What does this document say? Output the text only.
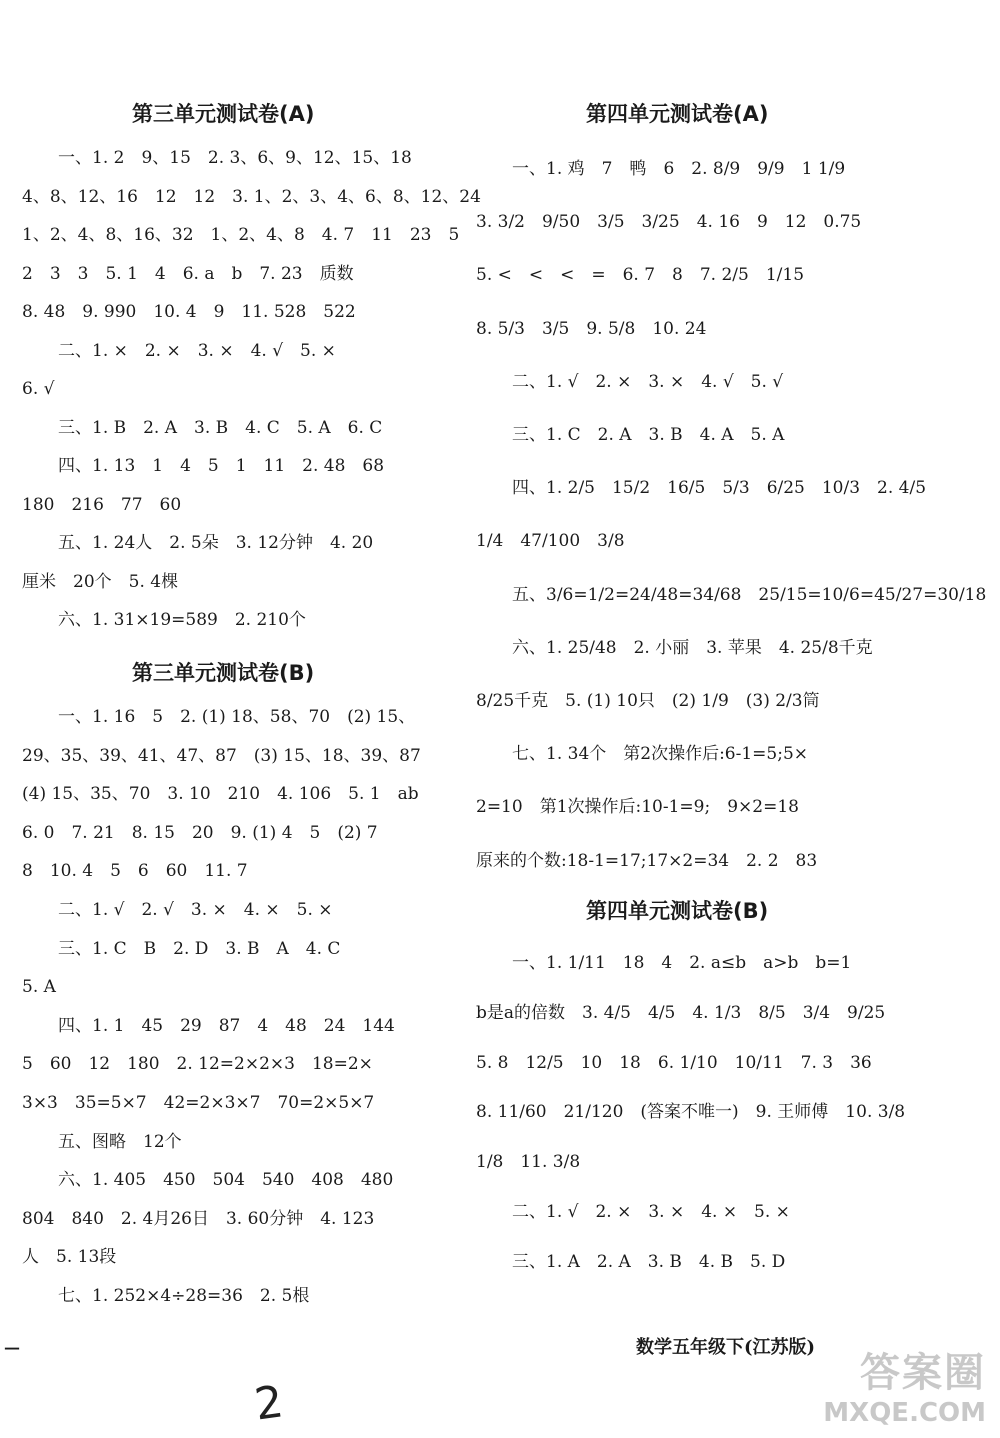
第三单元测试卷(A)
一、1. 2　9、15　2. 3、6、9、12、15、18
4、8、12、16　12　12　3. 1、2、3、4、6、8、12、24
1、2、4、8、16、32　1、2、4、8　4. 7　11　23　5
2　3　3　5. 1　4　6. a　b　7. 23　质数
8. 48　9. 990　10. 4　9　11. 528　522
二、1. ×　2. ×　3. ×　4. √　5. ×
6. √
三、1. B　2. A　3. B　4. C　5. A　6. C
四、1. 13　1　4　5　1　11　2. 48　68
180　216　77　60
五、1. 24人　2. 5朵　3. 12分钟　4. 20
厘米　20个　5. 4棵
六、1. 31×19=589　2. 210个
第三单元测试卷(B)
一、1. 16　5　2. (1) 18、58、70　(2) 15、
29、35、39、41、47、87　(3) 15、18、39、87
(4) 15、35、70　3. 10　210　4. 106　5. 1　ab
6. 0　7. 21　8. 15　20　9. (1) 4　5　(2) 7
8　10. 4　5　6　60　11. 7
二、1. √　2. √　3. ×　4. ×　5. ×
三、1. C　B　2. D　3. B　A　4. C
5. A
四、1. 1　45　29　87　4　48　24　144
5　60　12　180　2. 12=2×2×3　18=2×
3×3　35=5×7　42=2×3×7　70=2×5×7
五、图略　12个
六、1. 405　450　504　540　408　480
804　840　2. 4月26日　3. 60分钟　4. 123
人　5. 13段
七、1. 252×4÷28=36　2. 5根
第四单元测试卷(A)
一、1. 鸡　7　鸭　6　2. 8/9　9/9　1 1/9
3. 3/2　9/50　3/5　3/25　4. 16　9　12　0.75
5. <　<　<　=　6. 7　8　7. 2/5　1/15
8. 5/3　3/5　9. 5/8　10. 24
二、1. √　2. ×　3. ×　4. √　5. √
三、1. C　2. A　3. B　4. A　5. A
四、1. 2/5　15/2　16/5　5/3　6/25　10/3　2. 4/5
1/4　47/100　3/8
五、3/6=1/2=24/48=34/68　25/15=10/6=45/27=30/18
六、1. 25/48　2. 小丽　3. 苹果　4. 25/8千克
8/25千克　5. (1) 10只　(2) 1/9　(3) 2/3筒
七、1. 34个　第2次操作后:6-1=5;5×
2=10　第1次操作后:10-1=9;　9×2=18
原来的个数:18-1=17;17×2=34　2. 2　83
第四单元测试卷(B)
一、1. 1/11　18　4　2. a≤b　a>b　b=1
b是a的倍数　3. 4/5　4/5　4. 1/3　8/5　3/4　9/25
5. 8　12/5　10　18　6. 1/10　10/11　7. 3　36
8. 11/60　21/120　(答案不唯一)　9. 王师傅　10. 3/8
1/8　11. 3/8
二、1. √　2. ×　3. ×　4. ×　5. ×
三、1. A　2. A　3. B　4. B　5. D
—	数学五年级下(江苏版)
2
答案圈
MXQE.COM
